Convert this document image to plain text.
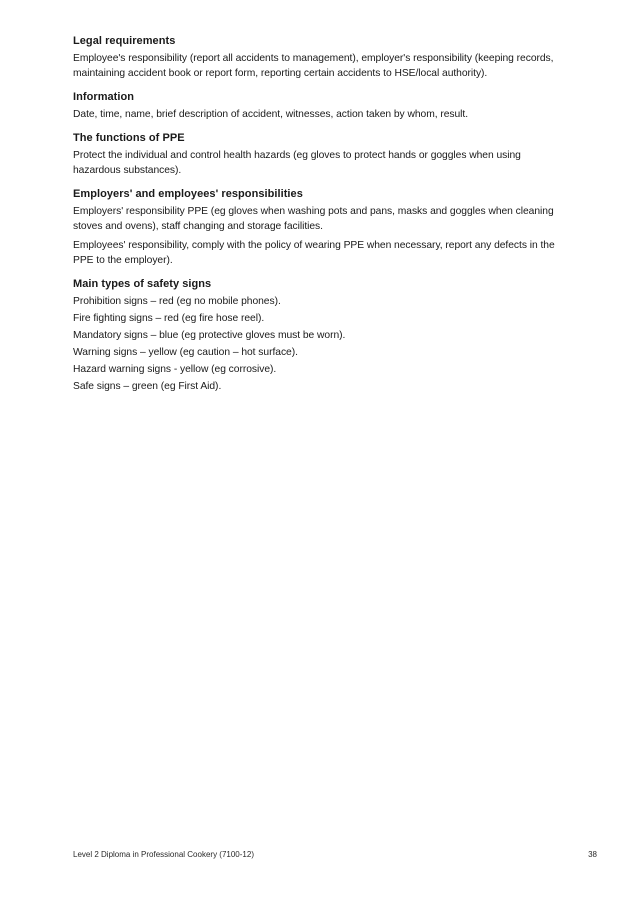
Legal requirements
Employee's responsibility (report all accidents to management), employer's responsibility (keeping records, maintaining accident book or report form, reporting certain accidents to HSE/local authority).
Information
Date, time, name, brief description of accident, witnesses, action taken by whom, result.
The functions of PPE
Protect the individual and control health hazards (eg gloves to protect hands or goggles when using hazardous substances).
Employers' and employees' responsibilities
Employers' responsibility PPE (eg gloves when washing pots and pans, masks and goggles when cleaning stoves and ovens), staff changing and storage facilities.
Employees' responsibility, comply with the policy of wearing PPE when necessary, report any defects in the PPE to the employer).
Main types of safety signs
Prohibition signs – red (eg no mobile phones).
Fire fighting signs – red (eg fire hose reel).
Mandatory signs – blue (eg protective gloves must be worn).
Warning signs – yellow (eg caution – hot surface).
Hazard warning signs - yellow (eg corrosive).
Safe signs – green (eg First Aid).
Level 2 Diploma in Professional Cookery (7100-12)	38
